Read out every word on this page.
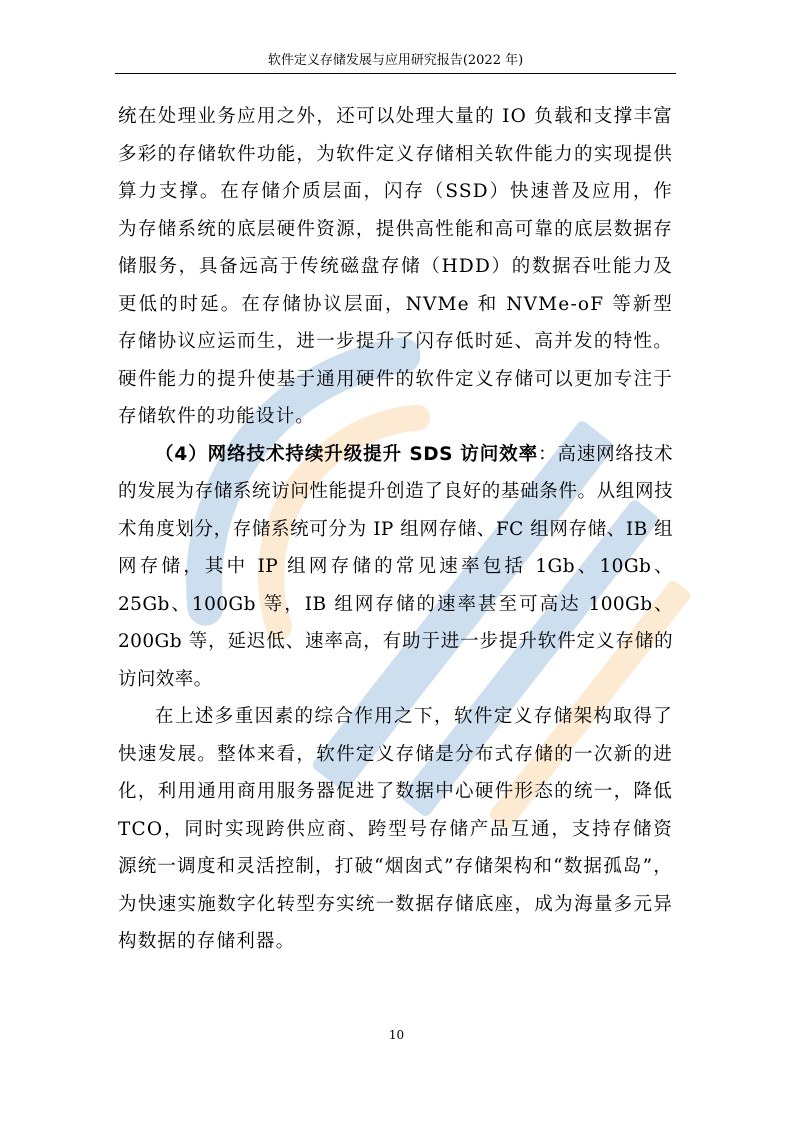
软件定义存储发展与应用研究报告(2022 年)

统在处理业务应用之外，还可以处理大量的 IO 负载和支撑丰富多彩的存储软件功能，为软件定义存储相关软件能力的实现提供算力支撑。在存储介质层面，闪存（SSD）快速普及应用，作为存储系统的底层硬件资源，提供高性能和高可靠的底层数据存储服务，具备远高于传统磁盘存储（HDD）的数据吞吐能力及更低的时延。在存储协议层面，NVMe 和 NVMe-oF 等新型存储协议应运而生，进一步提升了闪存低时延、高并发的特性。硬件能力的提升使基于通用硬件的软件定义存储可以更加专注于存储软件的功能设计。

（4）网络技术持续升级提升 SDS 访问效率：高速网络技术的发展为存储系统访问性能提升创造了良好的基础条件。从组网技术角度划分，存储系统可分为 IP 组网存储、FC 组网存储、IB 组网存储，其中 IP 组网存储的常见速率包括 1Gb、10Gb、25Gb、100Gb 等，IB 组网存储的速率甚至可高达 100Gb、200Gb 等，延迟低、速率高，有助于进一步提升软件定义存储的访问效率。

在上述多重因素的综合作用之下，软件定义存储架构取得了快速发展。整体来看，软件定义存储是分布式存储的一次新的进化，利用通用商用服务器促进了数据中心硬件形态的统一，降低 TCO，同时实现跨供应商、跨型号存储产品互通，支持存储资源统一调度和灵活控制，打破“烟囱式”存储架构和“数据孤岛”，为快速实施数字化转型夯实统一数据存储底座，成为海量多元异构数据的存储利器。

10
